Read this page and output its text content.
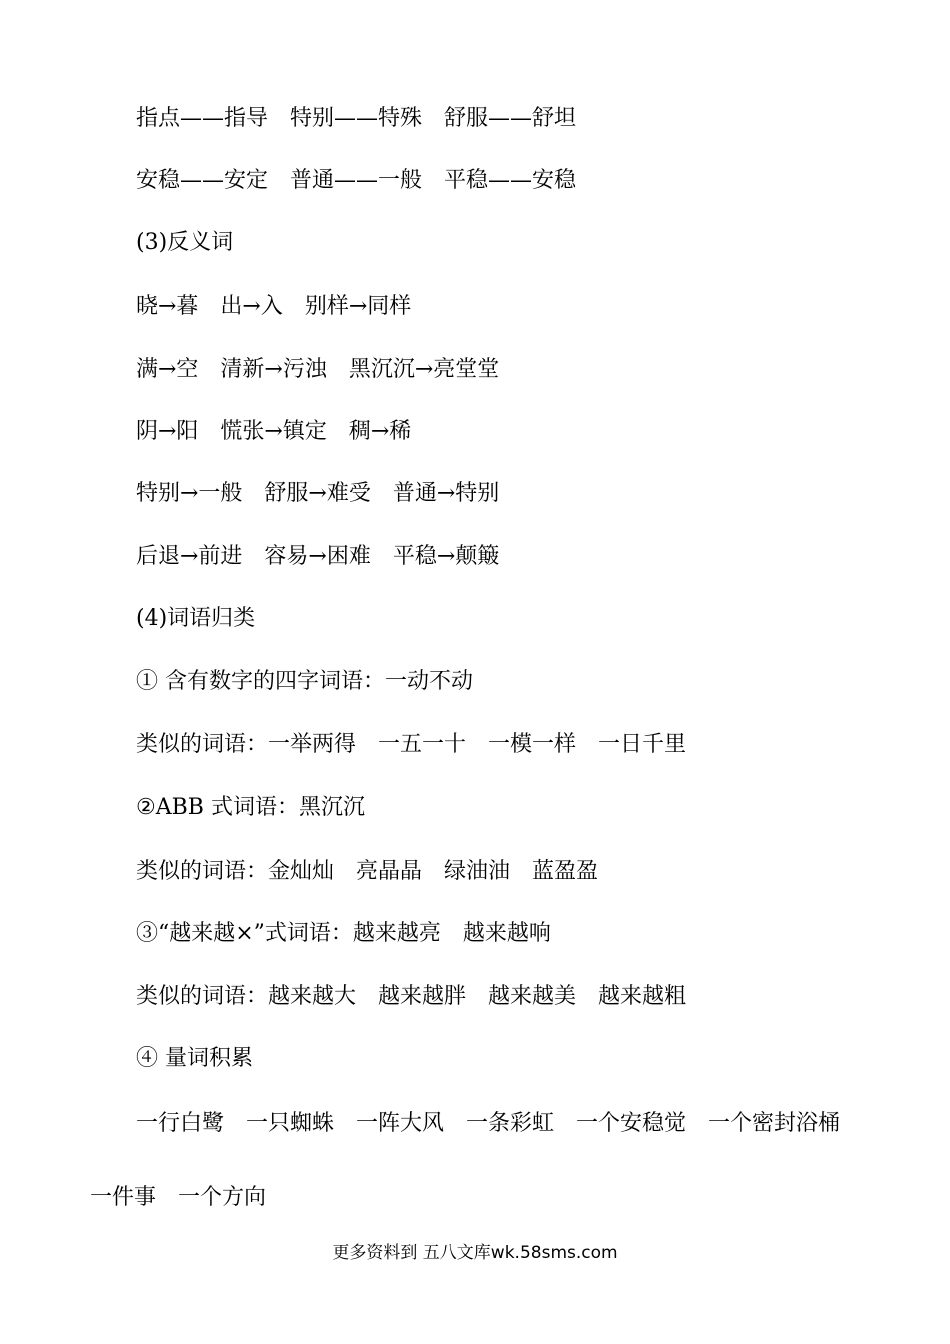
指点——指导　特别——特殊　舒服——舒坦
安稳——安定　普通——一般　平稳——安稳
(3)反义词
晓→暮　出→入　别样→同样
满→空　清新→污浊　黑沉沉→亮堂堂
阴→阳　慌张→镇定　稠→稀
特别→一般　舒服→难受　普通→特别
后退→前进　容易→困难　平稳→颠簸
(4)词语归类
① 含有数字的四字词语：一动不动
类似的词语：一举两得　一五一十　一模一样　一日千里
②ABB 式词语：黑沉沉
类似的词语：金灿灿　亮晶晶　绿油油　蓝盈盈
③“越来越×”式词语：越来越亮　越来越响
类似的词语：越来越大　越来越胖　越来越美　越来越粗
④ 量词积累
一行白鹭　一只蜘蛛　一阵大风　一条彩虹　一个安稳觉　一个密封浴桶
一件事　一个方向
更多资料到 五八文库wk.58sms.com
